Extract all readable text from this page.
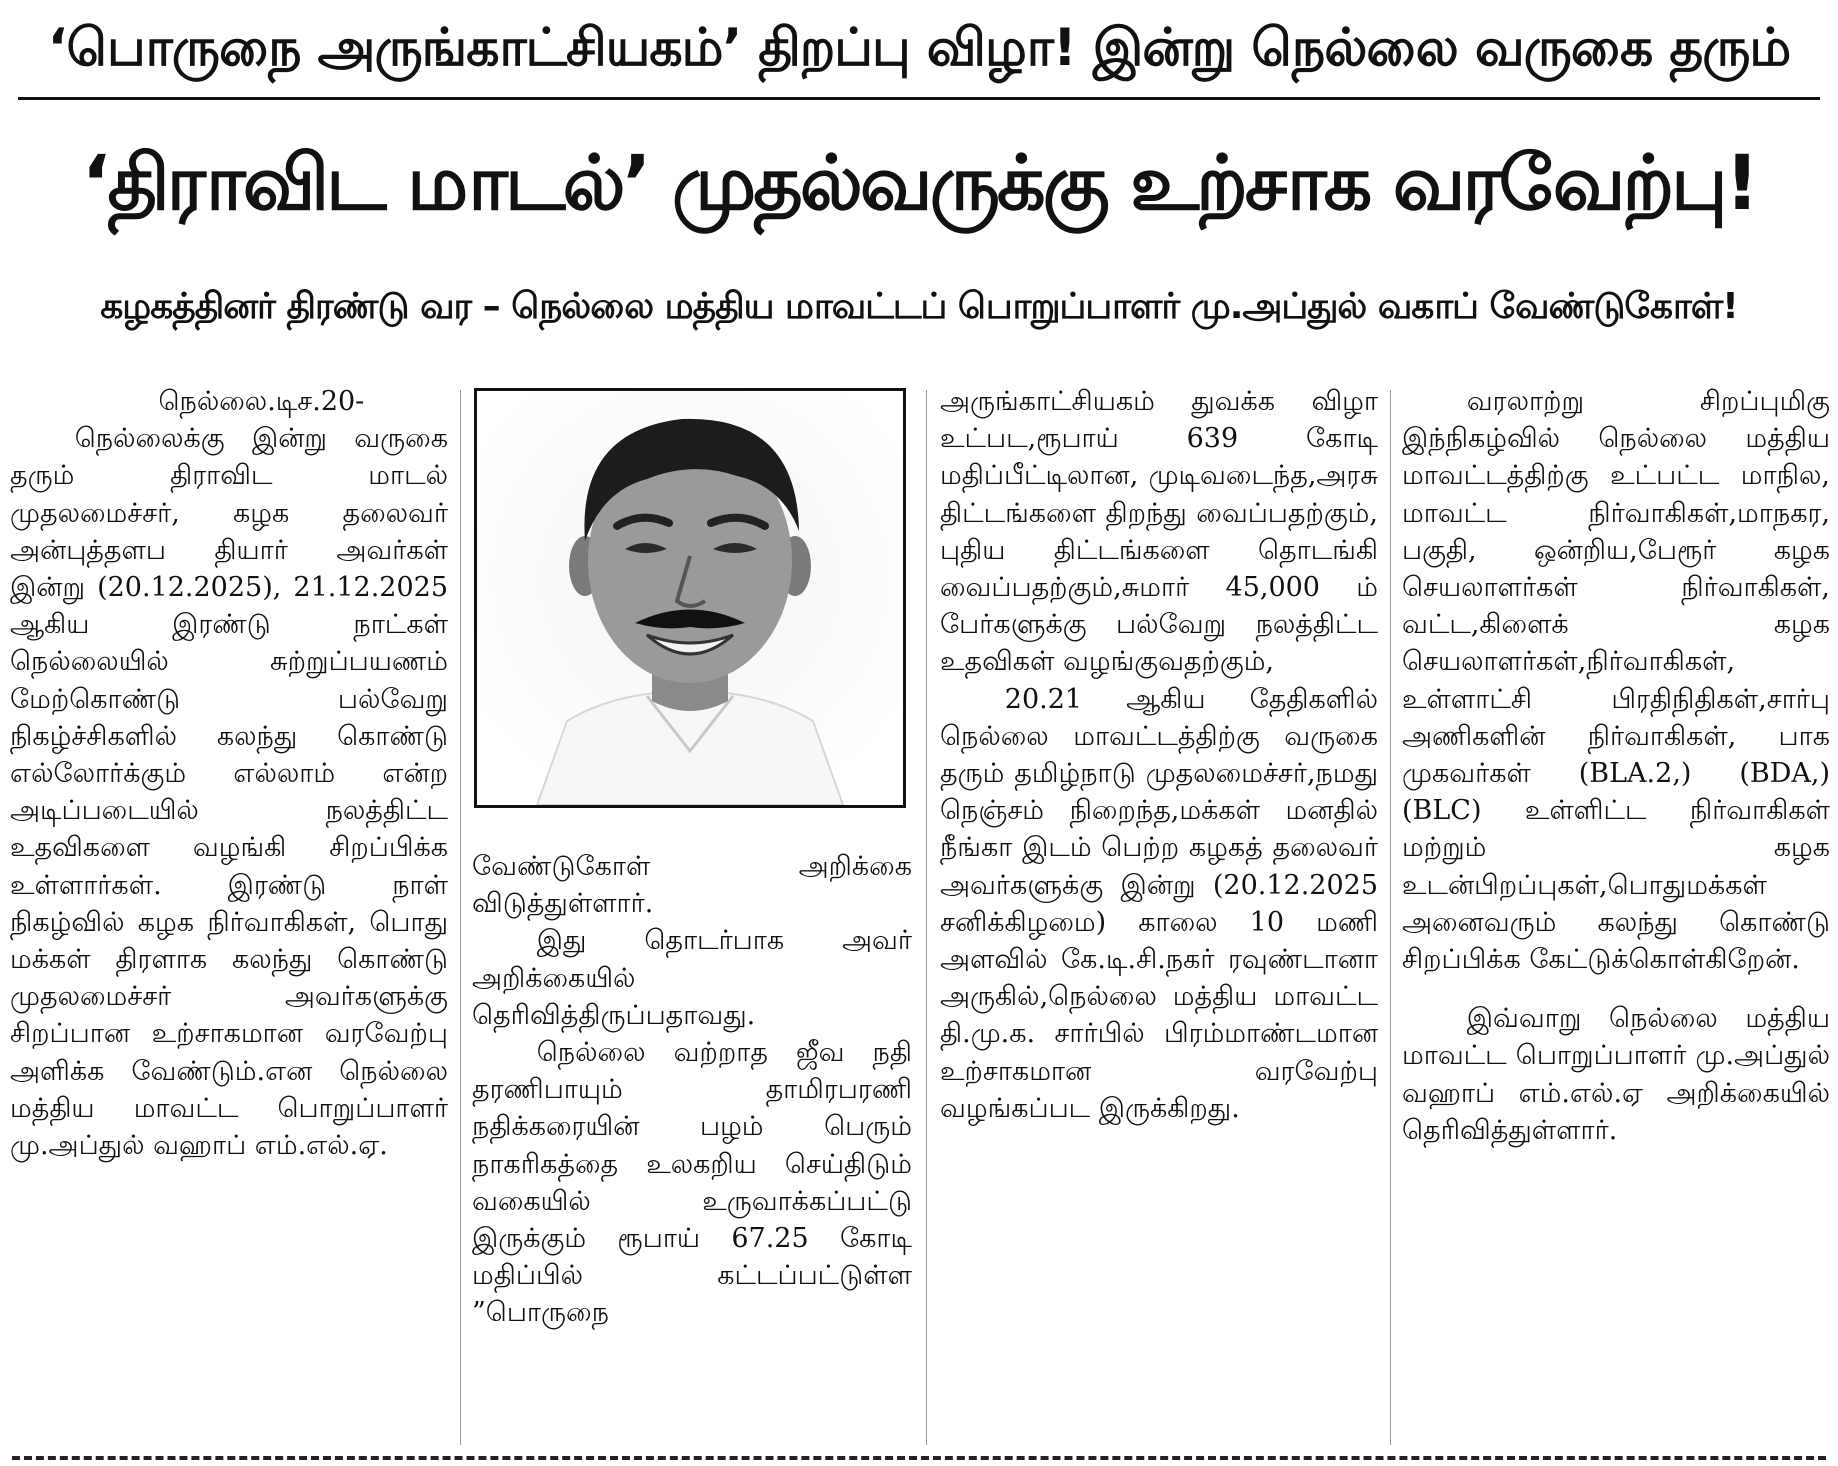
‘பொருநை அருங்காட்சியகம்’ திறப்பு விழா! இன்று நெல்லை வருகை தரும்
‘திராவிட மாடல்’ முதல்வருக்கு உற்சாக வரவேற்பு!
கழகத்தினர் திரண்டு வர – நெல்லை மத்திய மாவட்டப் பொறுப்பாளர் மு.அப்துல் வகாப் வேண்டுகோள்!

நெல்லை.டிச.20-

நெல்லைக்கு இன்று வருகை தரும் திராவிட மாடல் முதலமைச்சர், கழக தலைவர் அன்புத்தளப தியார் அவர்கள் இன்று (20.12.2025), 21.12.2025 ஆகிய இரண்டு நாட்கள் நெல்லையில் சுற்றுப்பயணம் மேற்கொண்டு பல்வேறு நிகழ்ச்சிகளில் கலந்து கொண்டு எல்லோர்க்கும் எல்லாம் என்ற அடிப்படையில் நலத்திட்ட உதவிகளை வழங்கி சிறப்பிக்க உள்ளார்கள். இரண்டு நாள் நிகழ்வில் கழக நிர்வாகிகள், பொது மக்கள் திரளாக கலந்து கொண்டு முதலமைச்சர் அவர்களுக்கு சிறப்பான உற்சாகமான வரவேற்பு அளிக்க வேண்டும்.என நெல்லை மத்திய மாவட்ட பொறுப்பாளர் மு.அப்துல் வஹாப் எம்.எல்.ஏ.

வேண்டுகோள் அறிக்கை விடுத்துள்ளார்.

இது தொடர்பாக அவர் அறிக்கையில் தெரிவித்திருப்பதாவது.

நெல்லை வற்றாத ஜீவ நதி தரணிபாயும் தாமிரபரணி நதிக்கரையின் பழம் பெரும் நாகரிகத்தை உலகறிய செய்திடும் வகையில் உருவாக்கப்பட்டு இருக்கும் ரூபாய் 67.25 கோடி மதிப்பில் கட்டப்பட்டுள்ள ”பொருநை

அருங்காட்சியகம் துவக்க விழா உட்பட,ரூபாய் 639 கோடி மதிப்பீட்டிலான, முடிவடைந்த,அரசு திட்டங்களை திறந்து வைப்பதற்கும், புதிய திட்டங்களை தொடங்கி வைப்பதற்கும்,சுமார் 45,000 ம் பேர்களுக்கு பல்வேறு நலத்திட்ட உதவிகள் வழங்குவதற்கும்,

20.21 ஆகிய தேதிகளில் நெல்லை மாவட்டத்திற்கு வருகை தரும் தமிழ்நாடு முதலமைச்சர்,நமது நெஞ்சம் நிறைந்த,மக்கள் மனதில் நீங்கா இடம் பெற்ற கழகத் தலைவர் அவர்களுக்கு இன்று (20.12.2025 சனிக்கிழமை) காலை 10 மணி அளவில் கே.டி.சி.நகர் ரவுண்டானா அருகில்,நெல்லை மத்திய மாவட்ட தி.மு.க. சார்பில் பிரம்மாண்டமான உற்சாகமான வரவேற்பு வழங்கப்பட இருக்கிறது.

வரலாற்று சிறப்புமிகு இந்நிகழ்வில் நெல்லை மத்திய மாவட்டத்திற்கு உட்பட்ட மாநில, மாவட்ட நிர்வாகிகள்,மாநகர, பகுதி, ஒன்றிய,பேரூர் கழக செயலாளர்கள் நிர்வாகிகள், வட்ட,கிளைக் கழக செயலாளர்கள்,நிர்வாகிகள், உள்ளாட்சி பிரதிநிதிகள்,சார்பு அணிகளின் நிர்வாகிகள், பாக முகவர்கள் (BLA.2,) (BDA,) (BLC) உள்ளிட்ட நிர்வாகிகள் மற்றும் கழக உடன்பிறப்புகள்,பொதுமக்கள் அனைவரும் கலந்து கொண்டு சிறப்பிக்க கேட்டுக்கொள்கிறேன்.

இவ்வாறு நெல்லை மத்திய மாவட்ட பொறுப்பாளர் மு.அப்துல் வஹாப் எம்.எல்.ஏ அறிக்கையில் தெரிவித்துள்ளார்.
